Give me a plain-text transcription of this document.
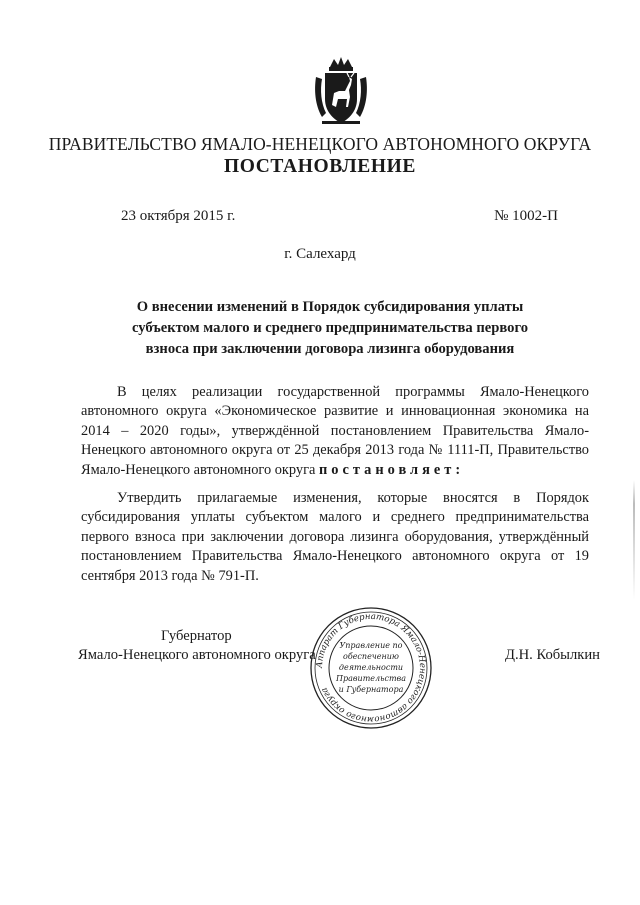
ПРАВИТЕЛЬСТВО ЯМАЛО-НЕНЕЦКОГО АВТОНОМНОГО ОКРУГА
ПОСТАНОВЛЕНИЕ
23 октября 2015 г.	№ 1002-П
г. Салехард
О внесении изменений в Порядок субсидирования уплаты
субъектом малого и среднего предпринимательства первого
взноса при заключении договора лизинга оборудования
В целях реализации государственной программы Ямало-Ненецкого автономного округа «Экономическое развитие и инновационная экономика на 2014 – 2020 годы», утверждённой постановлением Правительства Ямало-Ненецкого автономного округа от 25 декабря 2013 года № 1111-П, Правительство Ямало-Ненецкого автономного округа постановляет:
Утвердить прилагаемые изменения, которые вносятся в Порядок субсидирования уплаты субъектом малого и среднего предпринимательства первого взноса при заключении договора лизинга оборудования, утверждённый постановлением Правительства Ямало-Ненецкого автономного округа от 19 сентября 2013 года № 791-П.
Губернатор
Ямало-Ненецкого автономного округа	Д.Н. Кобылкин
Аппарат Губернатора Ямало-Ненецкого автономного округа
Управление по
обеспечению
деятельности
Правительства
и Губернатора
